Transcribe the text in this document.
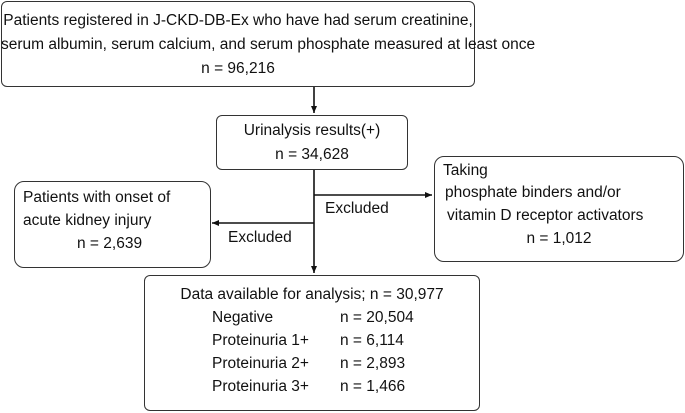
Patients registered in J-CKD-DB-Ex who have had serum creatinine,
serum albumin, serum calcium, and serum phosphate measured at least once
n = 96,216
Urinalysis results(+)
n = 34,628
Taking
phosphate binders and/or
vitamin D receptor activators
n = 1,012
Patients with onset of
acute kidney injury
n = 2,639
Excluded
Excluded
Data available for analysis; n = 30,977
Negative	n = 20,504
Proteinuria 1+ n = 6,114
Proteinuria 2+ n = 2,893
Proteinuria 3+ n = 1,466
